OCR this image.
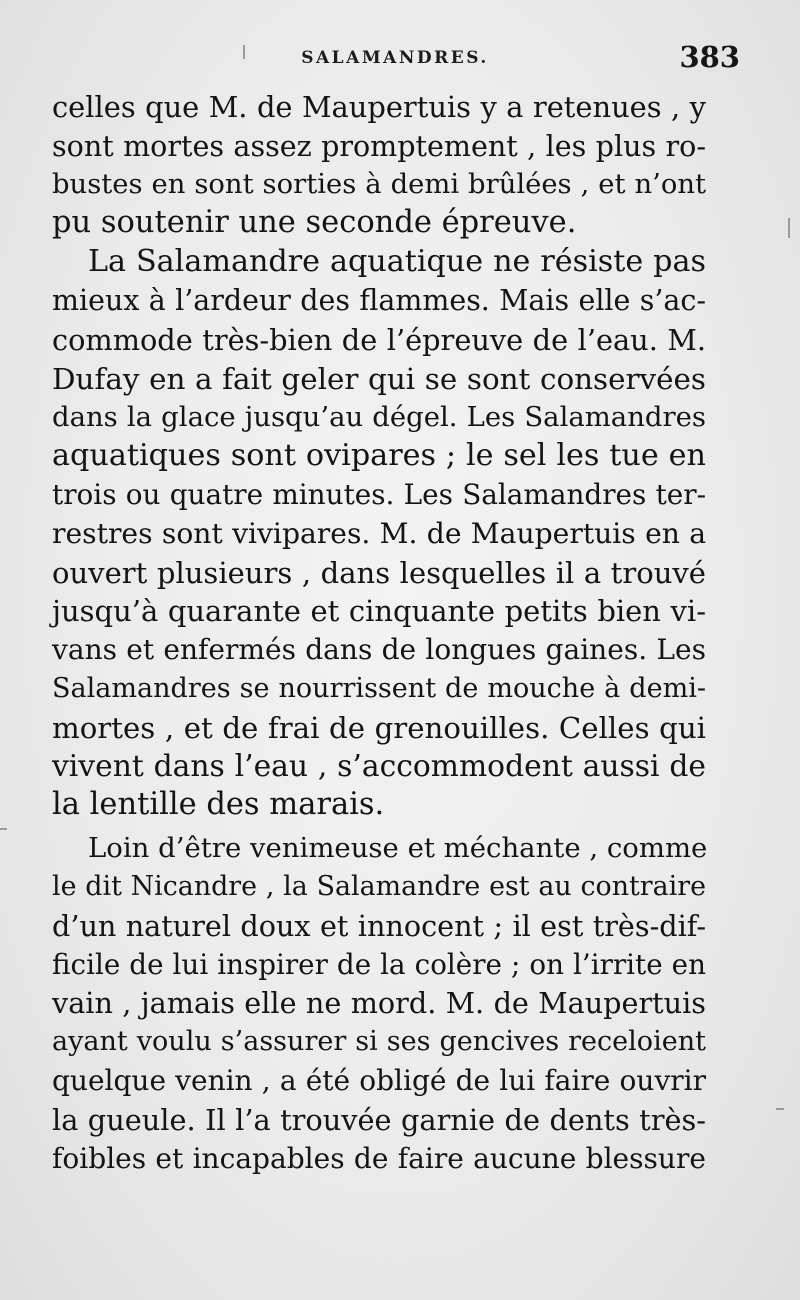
SALAMANDRES.	383
celles que M. de Maupertuis y a retenues , y
sont mortes assez promptement , les plus ro-
bustes en sont sorties à demi brûlées , et n’ont
pu soutenir une seconde épreuve.
La Salamandre aquatique ne résiste pas
mieux à l’ardeur des flammes. Mais elle s’ac-
commode très-bien de l’épreuve de l’eau. M.
Dufay en a fait geler qui se sont conservées
dans la glace jusqu’au dégel. Les Salamandres
aquatiques sont ovipares ; le sel les tue en
trois ou quatre minutes. Les Salamandres ter-
restres sont vivipares. M. de Maupertuis en a
ouvert plusieurs , dans lesquelles il a trouvé
jusqu’à quarante et cinquante petits bien vi-
vans et enfermés dans de longues gaines. Les
Salamandres se nourrissent de mouche à demi-
mortes , et de frai de grenouilles. Celles qui
vivent dans l’eau , s’accommodent aussi de
la lentille des marais.
Loin d’être venimeuse et méchante , comme
le dit Nicandre , la Salamandre est au contraire
d’un naturel doux et innocent ; il est très-dif-
ficile de lui inspirer de la colère ; on l’irrite en
vain , jamais elle ne mord. M. de Maupertuis
ayant voulu s’assurer si ses gencives receloient
quelque venin , a été obligé de lui faire ouvrir
la gueule. Il l’a trouvée garnie de dents très-
foibles et incapables de faire aucune blessure
